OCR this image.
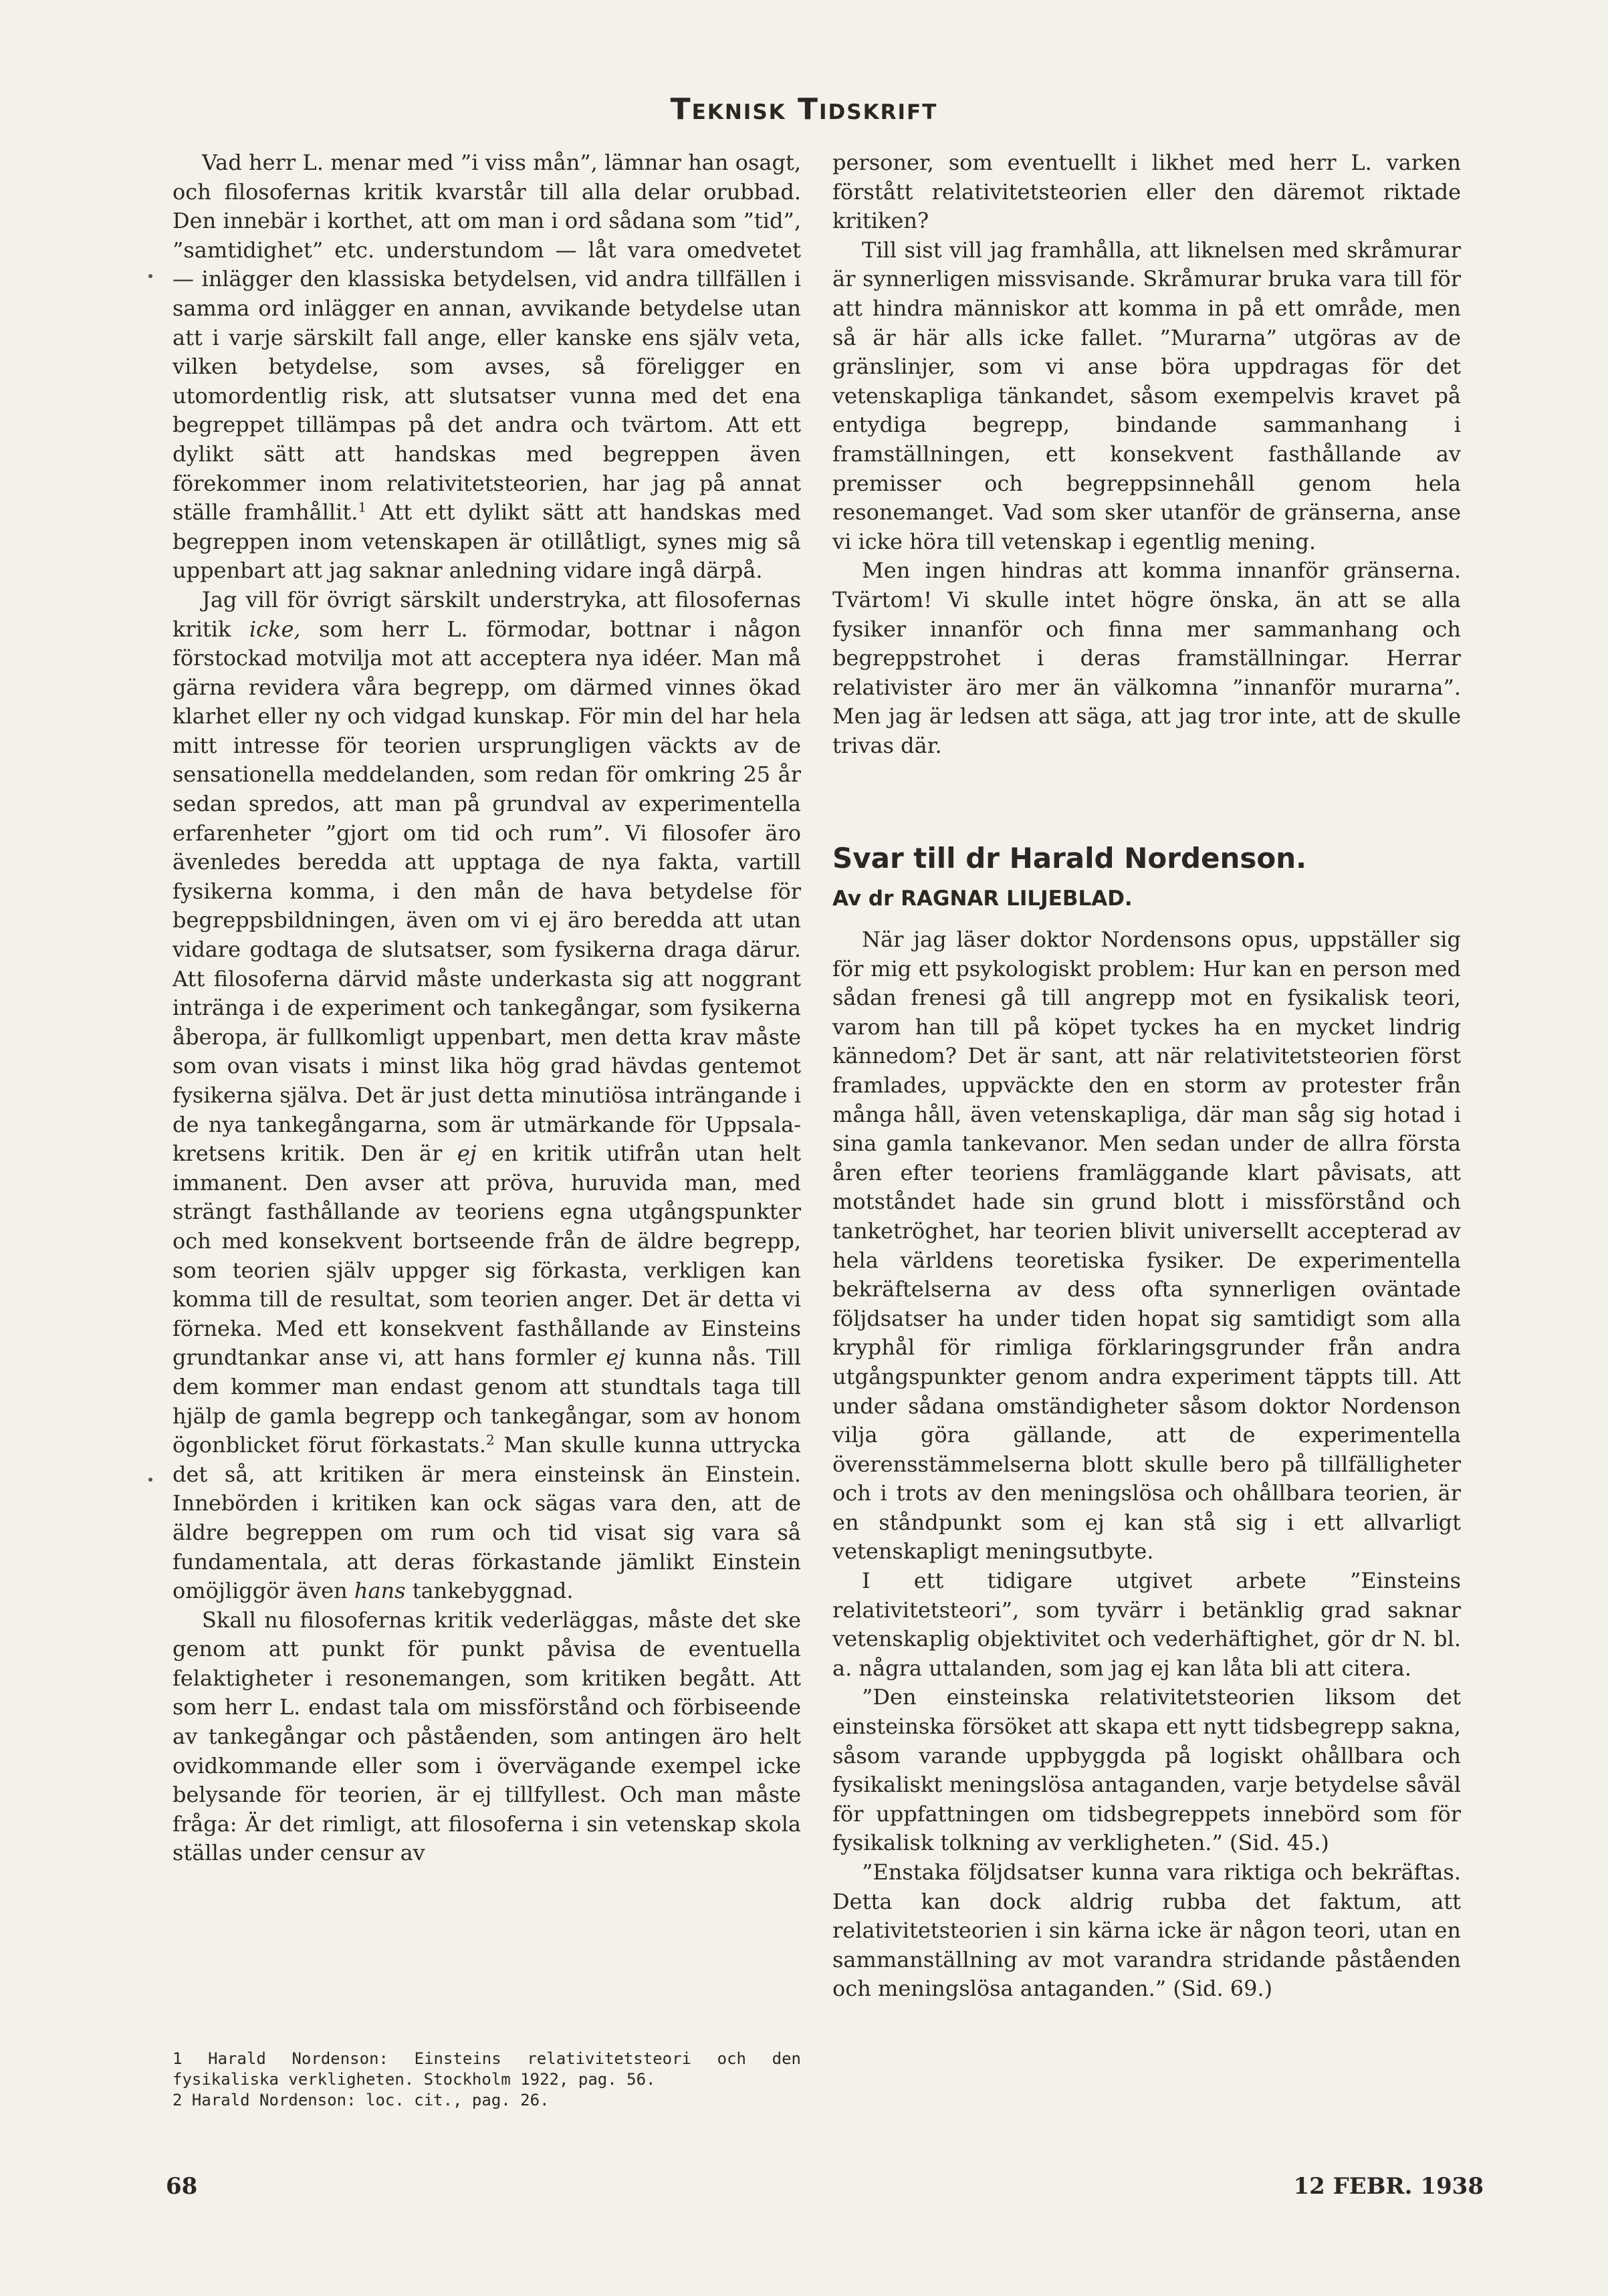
Teknisk Tidskrift

Vad herr L. menar med ”i viss mån”, lämnar han osagt, och filosofernas kritik kvarstår till alla delar orubbad. Den innebär i korthet, att om man i ord sådana som ”tid”, ”samtidighet” etc. understundom — låt vara omedvetet — inlägger den klassiska betydelsen, vid andra tillfällen i samma ord inlägger en annan, avvikande betydelse utan att i varje särskilt fall ange, eller kanske ens själv veta, vilken betydelse, som avses, så föreligger en utomordentlig risk, att slutsatser vunna med det ena begreppet tillämpas på det andra och tvärtom. Att ett dylikt sätt att handskas med begreppen även förekommer inom relativitetsteorien, har jag på annat ställe framhållit.$^1$ Att ett dylikt sätt att handskas med begreppen inom vetenskapen är otillåtligt, synes mig så uppenbart att jag saknar anledning vidare ingå därpå.

Jag vill för övrigt särskilt understryka, att filosofernas kritik icke, som herr L. förmodar, bottnar i någon förstockad motvilja mot att acceptera nya idéer. Man må gärna revidera våra begrepp, om därmed vinnes ökad klarhet eller ny och vidgad kunskap. För min del har hela mitt intresse för teorien ursprungligen väckts av de sensationella meddelanden, som redan för omkring 25 år sedan spredos, att man på grundval av experimentella erfarenheter ”gjort om tid och rum”. Vi filosofer äro ävenledes beredda att upptaga de nya fakta, vartill fysikerna komma, i den mån de hava betydelse för begreppsbildningen, även om vi ej äro beredda att utan vidare godtaga de slutsatser, som fysikerna draga därur. Att filosoferna därvid måste underkasta sig att noggrant intränga i de experiment och tankegångar, som fysikerna åberopa, är fullkomligt uppenbart, men detta krav måste som ovan visats i minst lika hög grad hävdas gentemot fysikerna själva. Det är just detta minutiösa inträngande i de nya tankegångarna, som är utmärkande för Uppsala-kretsens kritik. Den är ej en kritik utifrån utan helt immanent. Den avser att pröva, huruvida man, med strängt fasthållande av teoriens egna utgångspunkter och med konsekvent bortseende från de äldre begrepp, som teorien själv uppger sig förkasta, verkligen kan komma till de resultat, som teorien anger. Det är detta vi förneka. Med ett konsekvent fasthållande av Einsteins grundtankar anse vi, att hans formler ej kunna nås. Till dem kommer man endast genom att stundtals taga till hjälp de gamla begrepp och tankegångar, som av honom ögonblicket förut förkastats.$^2$ Man skulle kunna uttrycka det så, att kritiken är mera einsteinsk än Einstein. Innebörden i kritiken kan ock sägas vara den, att de äldre begreppen om rum och tid visat sig vara så fundamentala, att deras förkastande jämlikt Einstein omöjliggör även hans tankebyggnad.

Skall nu filosofernas kritik vederläggas, måste det ske genom att punkt för punkt påvisa de eventuella felaktigheter i resonemangen, som kritiken begått. Att som herr L. endast tala om missförstånd och förbiseende av tankegångar och påståenden, som antingen äro helt ovidkommande eller som i övervägande exempel icke belysande för teorien, är ej tillfyllest. Och man måste fråga: Är det rimligt, att filosoferna i sin vetenskap skola ställas under censur av

personer, som eventuellt i likhet med herr L. varken förstått relativitetsteorien eller den däremot riktade kritiken?

Till sist vill jag framhålla, att liknelsen med skråmurar är synnerligen missvisande. Skråmurar bruka vara till för att hindra människor att komma in på ett område, men så är här alls icke fallet. ”Murarna” utgöras av de gränslinjer, som vi anse böra uppdragas för det vetenskapliga tänkandet, såsom exempelvis kravet på entydiga begrepp, bindande sammanhang i framställningen, ett konsekvent fasthållande av premisser och begreppsinnehåll genom hela resonemanget. Vad som sker utanför de gränserna, anse vi icke höra till vetenskap i egentlig mening.

Men ingen hindras att komma innanför gränserna. Tvärtom! Vi skulle intet högre önska, än att se alla fysiker innanför och finna mer sammanhang och begreppstrohet i deras framställningar. Herrar relativister äro mer än välkomna ”innanför murarna”. Men jag är ledsen att säga, att jag tror inte, att de skulle trivas där.

Svar till dr Harald Nordenson.
Av dr RAGNAR LILJEBLAD.

När jag läser doktor Nordensons opus, uppställer sig för mig ett psykologiskt problem: Hur kan en person med sådan frenesi gå till angrepp mot en fysikalisk teori, varom han till på köpet tyckes ha en mycket lindrig kännedom? Det är sant, att när relativitetsteorien först framlades, uppväckte den en storm av protester från många håll, även vetenskapliga, där man såg sig hotad i sina gamla tankevanor. Men sedan under de allra första åren efter teoriens framläggande klart påvisats, att motståndet hade sin grund blott i missförstånd och tanketröghet, har teorien blivit universellt accepterad av hela världens teoretiska fysiker. De experimentella bekräftelserna av dess ofta synnerligen oväntade följdsatser ha under tiden hopat sig samtidigt som alla kryphål för rimliga förklaringsgrunder från andra utgångspunkter genom andra experiment täppts till. Att under sådana omständigheter såsom doktor Nordenson vilja göra gällande, att de experimentella överensstämmelserna blott skulle bero på tillfälligheter och i trots av den meningslösa och ohållbara teorien, är en ståndpunkt som ej kan stå sig i ett allvarligt vetenskapligt meningsutbyte.

I ett tidigare utgivet arbete ”Einsteins relativitetsteori”, som tyvärr i betänklig grad saknar vetenskaplig objektivitet och vederhäftighet, gör dr N. bl. a. några uttalanden, som jag ej kan låta bli att citera.

”Den einsteinska relativitetsteorien liksom det einsteinska försöket att skapa ett nytt tidsbegrepp sakna, såsom varande uppbyggda på logiskt ohållbara och fysikaliskt meningslösa antaganden, varje betydelse såväl för uppfattningen om tidsbegreppets innebörd som för fysikalisk tolkning av verkligheten.” (Sid. 45.)

”Enstaka följdsatser kunna vara riktiga och bekräftas. Detta kan dock aldrig rubba det faktum, att relativitetsteorien i sin kärna icke är någon teori, utan en sammanställning av mot varandra stridande påståenden och meningslösa antaganden.” (Sid. 69.)

1 Harald Nordenson: Einsteins relativitetsteori och den fysikaliska verkligheten. Stockholm 1922, pag. 56.
2 Harald Nordenson: loc. cit., pag. 26.
68	12 FEBR. 1938
